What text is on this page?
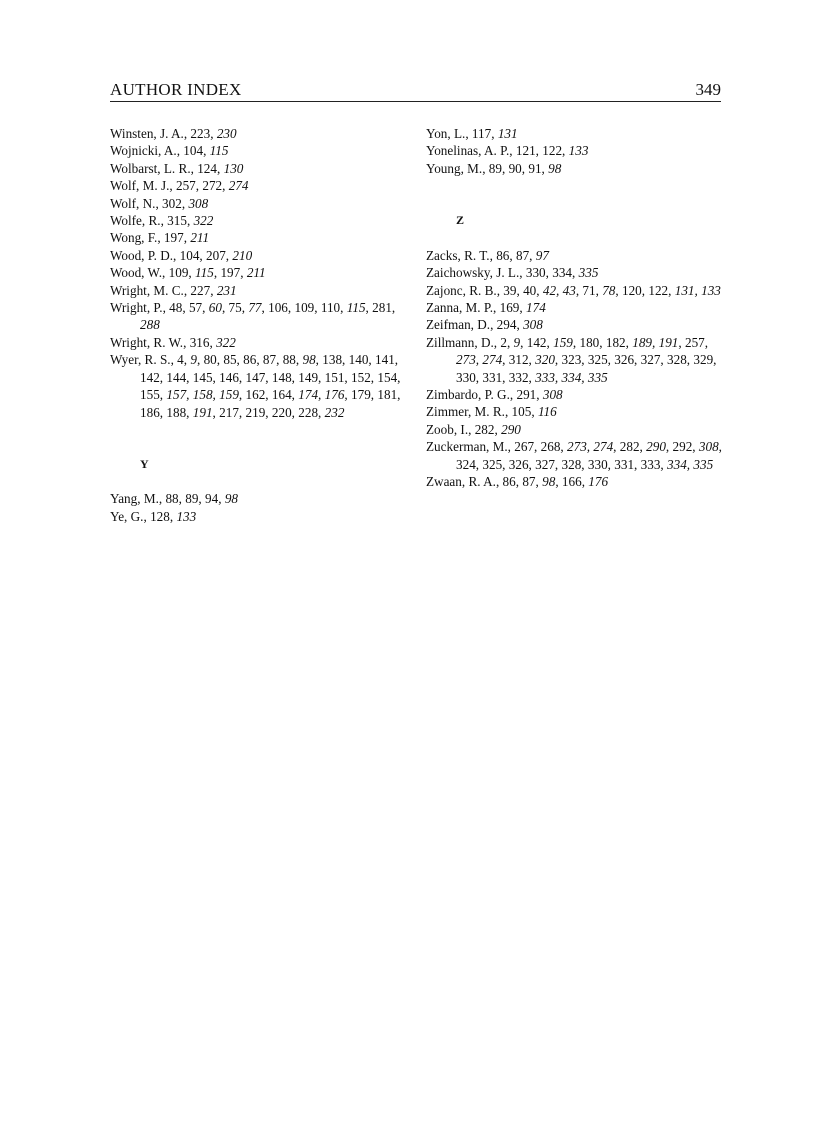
AUTHOR INDEX	349
Winsten, J. A., 223, 230
Wojnicki, A., 104, 115
Wolbarst, L. R., 124, 130
Wolf, M. J., 257, 272, 274
Wolf, N., 302, 308
Wolfe, R., 315, 322
Wong, F., 197, 211
Wood, P. D., 104, 207, 210
Wood, W., 109, 115, 197, 211
Wright, M. C., 227, 231
Wright, P., 48, 57, 60, 75, 77, 106, 109, 110, 115, 281, 288
Wright, R. W., 316, 322
Wyer, R. S., 4, 9, 80, 85, 86, 87, 88, 98, 138, 140, 141, 142, 144, 145, 146, 147, 148, 149, 151, 152, 154, 155, 157, 158, 159, 162, 164, 174, 176, 179, 181, 186, 188, 191, 217, 219, 220, 228, 232
Y
Yang, M., 88, 89, 94, 98
Ye, G., 128, 133
Yon, L., 117, 131
Yonelinas, A. P., 121, 122, 133
Young, M., 89, 90, 91, 98
Z
Zacks, R. T., 86, 87, 97
Zaichowsky, J. L., 330, 334, 335
Zajonc, R. B., 39, 40, 42, 43, 71, 78, 120, 122, 131, 133
Zanna, M. P., 169, 174
Zeifman, D., 294, 308
Zillmann, D., 2, 9, 142, 159, 180, 182, 189, 191, 257, 273, 274, 312, 320, 323, 325, 326, 327, 328, 329, 330, 331, 332, 333, 334, 335
Zimbardo, P. G., 291, 308
Zimmer, M. R., 105, 116
Zoob, I., 282, 290
Zuckerman, M., 267, 268, 273, 274, 282, 290, 292, 308, 324, 325, 326, 327, 328, 330, 331, 333, 334, 335
Zwaan, R. A., 86, 87, 98, 166, 176
